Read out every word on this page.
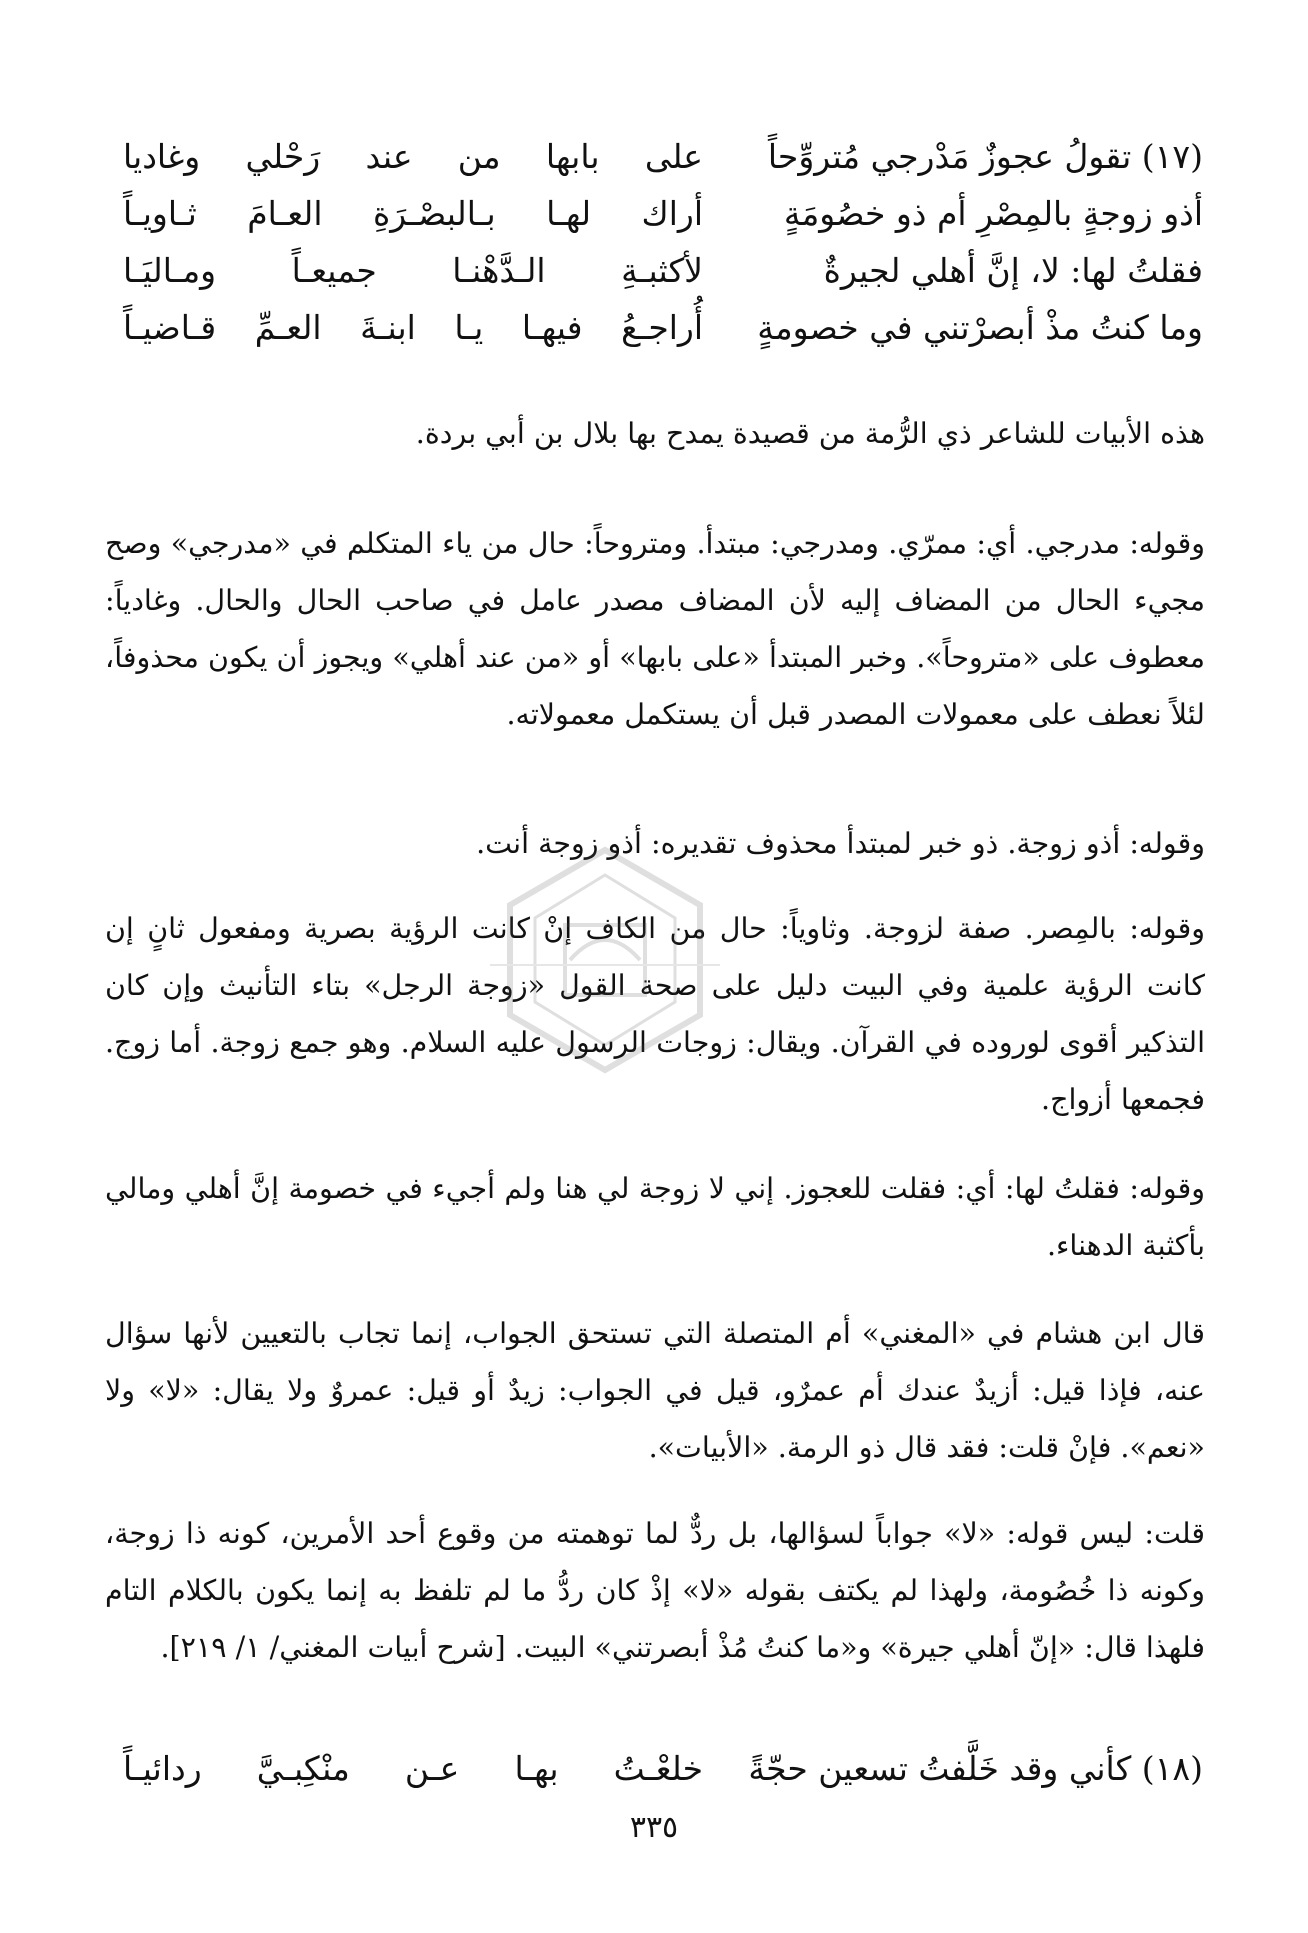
(١٧) تقولُ عجوزٌ مَدْرجي مُتروِّحاً
على بابها من عند رَحْلي وغاديا
أذو زوجةٍ بالمِصْرِ أم ذو خصُومَةٍ
أراك لهـا بـالبصْـرَةِ العـامَ ثـاويـاً
فقلتُ لها: لا، إنَّ أهلي لجيرةٌ
لأكثبـةِ الـدَّهْنـا جميعـاً ومـاليَـا
وما كنتُ مذْ أبصرْتني في خصومةٍ
أُراجـعُ فيهـا يـا ابنـةَ العـمِّ قـاضيـاً

هذه الأبيات للشاعر ذي الرُّمة من قصيدة يمدح بها بلال بن أبي بردة.

وقوله: مدرجي. أي: ممرّي. ومدرجي: مبتدأ. ومتروحاً: حال من ياء المتكلم في «مدرجي» وصح مجيء الحال من المضاف إليه لأن المضاف مصدر عامل في صاحب الحال والحال. وغادياً: معطوف على «متروحاً». وخبر المبتدأ «على بابها» أو «من عند أهلي» ويجوز أن يكون محذوفاً، لئلاً نعطف على معمولات المصدر قبل أن يستكمل معمولاته.

وقوله: أذو زوجة. ذو خبر لمبتدأ محذوف تقديره: أذو زوجة أنت.

وقوله: بالمِصر. صفة لزوجة. وثاوياً: حال من الكاف إنْ كانت الرؤية بصرية ومفعول ثانٍ إن كانت الرؤية علمية وفي البيت دليل على صحة القول «زوجة الرجل» بتاء التأنيث وإن كان التذكير أقوى لوروده في القرآن. ويقال: زوجات الرسول عليه السلام. وهو جمع زوجة. أما زوج. فجمعها أزواج.

وقوله: فقلتُ لها: أي: فقلت للعجوز. إني لا زوجة لي هنا ولم أجيء في خصومة إنَّ أهلي ومالي بأكثبة الدهناء.

قال ابن هشام في «المغني» أم المتصلة التي تستحق الجواب، إنما تجاب بالتعيين لأنها سؤال عنه، فإذا قيل: أزيدٌ عندك أم عمرٌو، قيل في الجواب: زيدٌ أو قيل: عمروٌ ولا يقال: «لا» ولا «نعم». فإنْ قلت: فقد قال ذو الرمة. «الأبيات».

قلت: ليس قوله: «لا» جواباً لسؤالها، بل ردٌّ لما توهمته من وقوع أحد الأمرين، كونه ذا زوجة، وكونه ذا خُصُومة، ولهذا لم يكتف بقوله «لا» إذْ كان ردُّ ما لم تلفظ به إنما يكون بالكلام التام فلهذا قال: «إنّ أهلي جيرة» و«ما كنتُ مُذْ أبصرتني» البيت. [شرح أبيات المغني/ ١/ ٢١٩].

(١٨) كأني وقد خَلَّفتُ تسعين حجّةً
خلعْـتُ بهـا عـن منْكِبـيَّ ردائيـاً
٣٣٥
